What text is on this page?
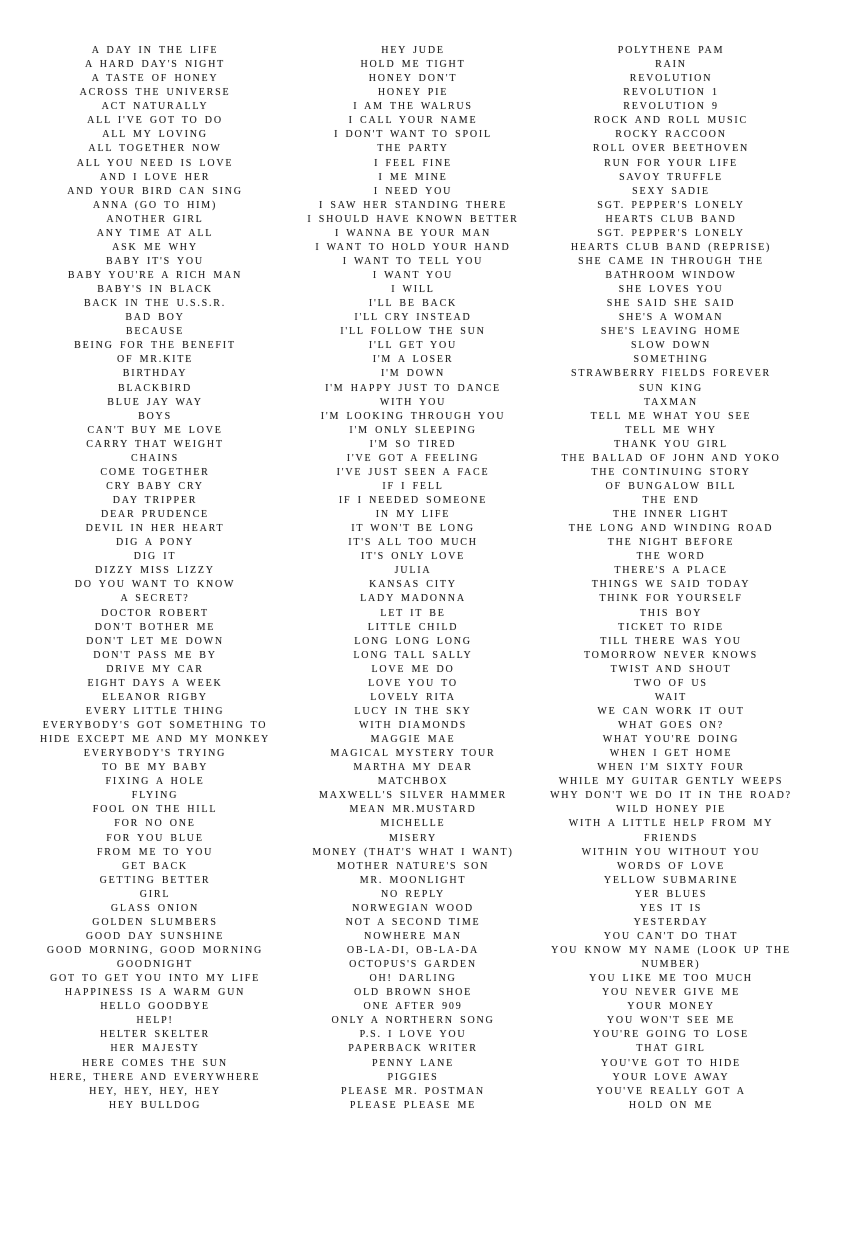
A DAY IN THE LIFE
A HARD DAY'S NIGHT
A TASTE OF HONEY
ACROSS THE UNIVERSE
ACT NATURALLY
ALL I'VE GOT TO DO
ALL MY LOVING
ALL TOGETHER NOW
ALL YOU NEED IS LOVE
AND I LOVE HER
AND YOUR BIRD CAN SING
ANNA (GO TO HIM)
ANOTHER GIRL
ANY TIME AT ALL
ASK ME WHY
BABY IT'S YOU
BABY YOU'RE A RICH MAN
BABY'S IN BLACK
BACK IN THE U.S.S.R.
BAD BOY
BECAUSE
BEING FOR THE BENEFIT
OF MR.KITE
BIRTHDAY
BLACKBIRD
BLUE JAY WAY
BOYS
CAN'T BUY ME LOVE
CARRY THAT WEIGHT
CHAINS
COME TOGETHER
CRY BABY CRY
DAY TRIPPER
DEAR PRUDENCE
DEVIL IN HER HEART
DIG A PONY
DIG IT
DIZZY MISS LIZZY
DO YOU WANT TO KNOW
A SECRET?
DOCTOR ROBERT
DON'T BOTHER ME
DON'T LET ME DOWN
DON'T PASS ME BY
DRIVE MY CAR
EIGHT DAYS A WEEK
ELEANOR RIGBY
EVERY LITTLE THING
EVERYBODY'S GOT SOMETHING TO
HIDE EXCEPT ME AND MY MONKEY
EVERYBODY'S TRYING
TO BE MY BABY
FIXING A HOLE
FLYING
FOOL ON THE HILL
FOR NO ONE
FOR YOU BLUE
FROM ME TO YOU
GET BACK
GETTING BETTER
GIRL
GLASS ONION
GOLDEN SLUMBERS
GOOD DAY SUNSHINE
GOOD MORNING, GOOD MORNING
GOODNIGHT
GOT TO GET YOU INTO MY LIFE
HAPPINESS IS A WARM GUN
HELLO GOODBYE
HELP!
HELTER SKELTER
HER MAJESTY
HERE COMES THE SUN
HERE, THERE AND EVERYWHERE
HEY, HEY, HEY, HEY
HEY BULLDOG
HEY JUDE
HOLD ME TIGHT
HONEY DON'T
HONEY PIE
I AM THE WALRUS
I CALL YOUR NAME
I DON'T WANT TO SPOIL
THE PARTY
I FEEL FINE
I ME MINE
I NEED YOU
I SAW HER STANDING THERE
I SHOULD HAVE KNOWN BETTER
I WANNA BE YOUR MAN
I WANT TO HOLD YOUR HAND
I WANT TO TELL YOU
I WANT YOU
I WILL
I'LL BE BACK
I'LL CRY INSTEAD
I'LL FOLLOW THE SUN
I'LL GET YOU
I'M A LOSER
I'M DOWN
I'M HAPPY JUST TO DANCE
WITH YOU
I'M LOOKING THROUGH YOU
I'M ONLY SLEEPING
I'M SO TIRED
I'VE GOT A FEELING
I'VE JUST SEEN A FACE
IF I FELL
IF I NEEDED SOMEONE
IN MY LIFE
IT WON'T BE LONG
IT'S ALL TOO MUCH
IT'S ONLY LOVE
JULIA
KANSAS CITY
LADY MADONNA
LET IT BE
LITTLE CHILD
LONG LONG LONG
LONG TALL SALLY
LOVE ME DO
LOVE YOU TO
LOVELY RITA
LUCY IN THE SKY
WITH DIAMONDS
MAGGIE MAE
MAGICAL MYSTERY TOUR
MARTHA MY DEAR
MATCHBOX
MAXWELL'S SILVER HAMMER
MEAN MR.MUSTARD
MICHELLE
MISERY
MONEY (THAT'S WHAT I WANT)
MOTHER NATURE'S SON
MR. MOONLIGHT
NO REPLY
NORWEGIAN WOOD
NOT A SECOND TIME
NOWHERE MAN
OB-LA-DI, OB-LA-DA
OCTOPUS'S GARDEN
OH! DARLING
OLD BROWN SHOE
ONE AFTER 909
ONLY A NORTHERN SONG
P.S. I LOVE YOU
PAPERBACK WRITER
PENNY LANE
PIGGIES
PLEASE MR. POSTMAN
PLEASE PLEASE ME
POLYTHENE PAM
RAIN
REVOLUTION
REVOLUTION 1
REVOLUTION 9
ROCK AND ROLL MUSIC
ROCKY RACCOON
ROLL OVER BEETHOVEN
RUN FOR YOUR LIFE
SAVOY TRUFFLE
SEXY SADIE
SGT. PEPPER'S LONELY
HEARTS CLUB BAND
SGT. PEPPER'S LONELY
HEARTS CLUB BAND (REPRISE)
SHE CAME IN THROUGH THE
BATHROOM WINDOW
SHE LOVES YOU
SHE SAID SHE SAID
SHE'S A WOMAN
SHE'S LEAVING HOME
SLOW DOWN
SOMETHING
STRAWBERRY FIELDS FOREVER
SUN KING
TAXMAN
TELL ME WHAT YOU SEE
TELL ME WHY
THANK YOU GIRL
THE BALLAD OF JOHN AND YOKO
THE CONTINUING STORY
OF BUNGALOW BILL
THE END
THE INNER LIGHT
THE LONG AND WINDING ROAD
THE NIGHT BEFORE
THE WORD
THERE'S A PLACE
THINGS WE SAID TODAY
THINK FOR YOURSELF
THIS BOY
TICKET TO RIDE
TILL THERE WAS YOU
TOMORROW NEVER KNOWS
TWIST AND SHOUT
TWO OF US
WAIT
WE CAN WORK IT OUT
WHAT GOES ON?
WHAT YOU'RE DOING
WHEN I GET HOME
WHEN I'M SIXTY FOUR
WHILE MY GUITAR GENTLY WEEPS
WHY DON'T WE DO IT IN THE ROAD?
WILD HONEY PIE
WITH A LITTLE HELP FROM MY
FRIENDS
WITHIN YOU WITHOUT YOU
WORDS OF LOVE
YELLOW SUBMARINE
YER BLUES
YES IT IS
YESTERDAY
YOU CAN'T DO THAT
YOU KNOW MY NAME (LOOK UP THE
NUMBER)
YOU LIKE ME TOO MUCH
YOU NEVER GIVE ME
YOUR MONEY
YOU WON'T SEE ME
YOU'RE GOING TO LOSE
THAT GIRL
YOU'VE GOT TO HIDE
YOUR LOVE AWAY
YOU'VE REALLY GOT A
HOLD ON ME
